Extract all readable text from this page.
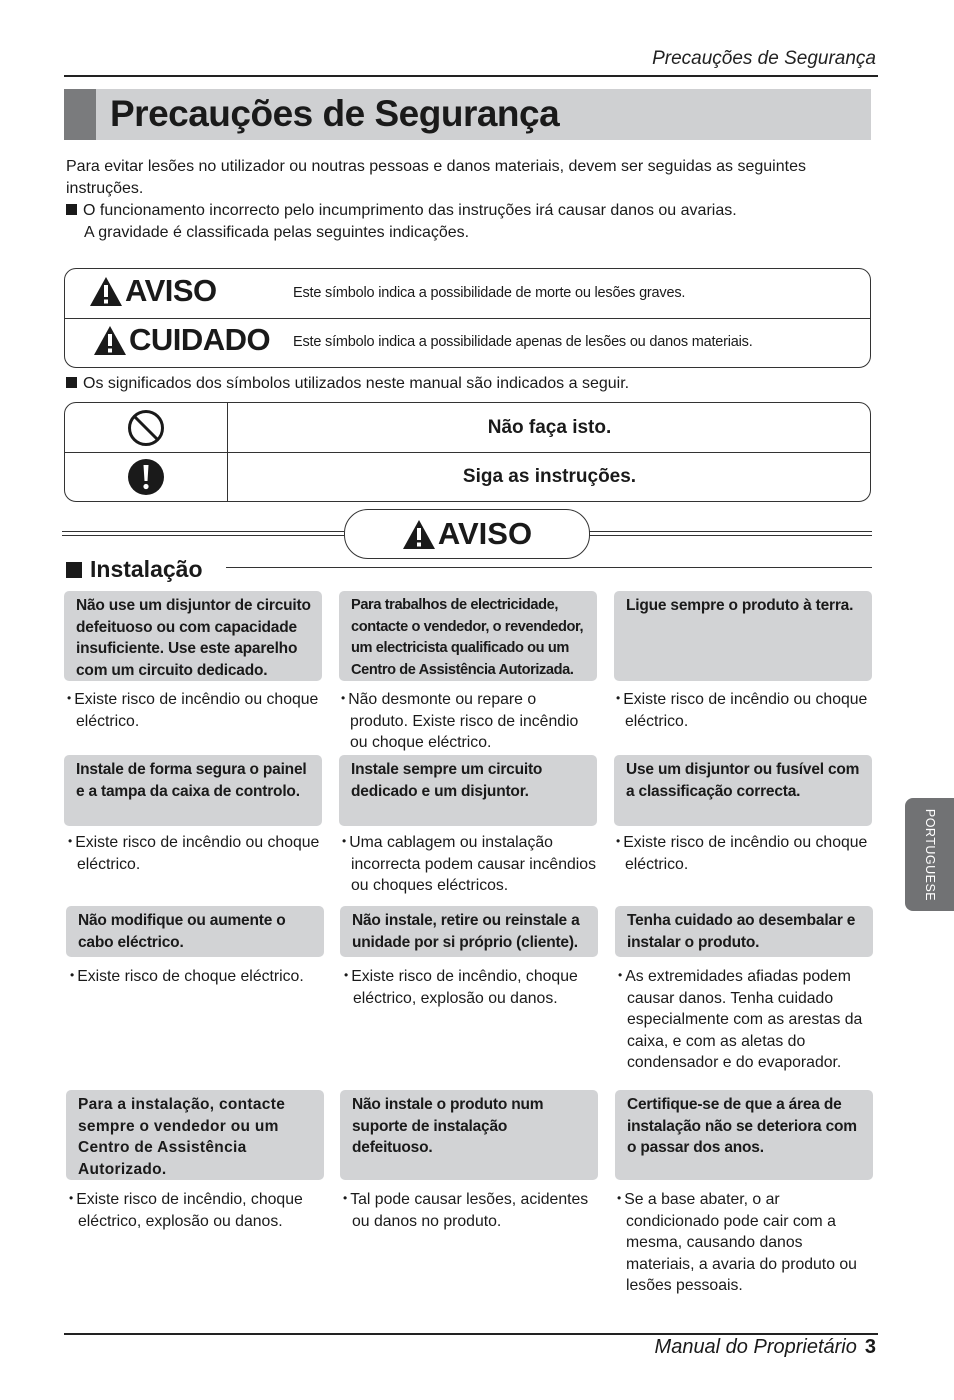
Precauções de Segurança
Precauções de Segurança
Para evitar lesões no utilizador ou noutras pessoas e danos materiais, devem ser seguidas as seguintes instruções.
O funcionamento incorrecto pelo incumprimento das instruções irá causar danos ou avarias.
A gravidade é classificada pelas seguintes indicações.
AVISO	Este símbolo indica a possibilidade de morte ou lesões graves.
CUIDADO Este símbolo indica a possibilidade apenas de lesões ou danos materiais.
Os significados dos símbolos utilizados neste manual são indicados a seguir.
Não faça isto.
Siga as instruções.
AVISO
Instalação
Não use um disjuntor de circuito defeituoso ou com capacidade insuficiente. Use este aparelho com um circuito dedicado.
• Existe risco de incêndio ou choque eléctrico.
Para trabalhos de electricidade, contacte o vendedor, o revendedor, um electricista qualificado ou um Centro de Assistência Autorizada.
• Não desmonte ou repare o produto. Existe risco de incêndio ou choque eléctrico.
Ligue sempre o produto à terra.
• Existe risco de incêndio ou choque eléctrico.
Instale de forma segura o painel e a tampa da caixa de controlo.
• Existe risco de incêndio ou choque eléctrico.
Instale sempre um circuito dedicado e um disjuntor.
• Uma cablagem ou instalação incorrecta podem causar incêndios ou choques eléctricos.
Use um disjuntor ou fusível com a classificação correcta.
• Existe risco de incêndio ou choque eléctrico.
Não modifique ou aumente o cabo eléctrico.
• Existe risco de choque eléctrico.
Não instale, retire ou reinstale a unidade por si próprio (cliente).
• Existe risco de incêndio, choque eléctrico, explosão ou danos.
Tenha cuidado ao desembalar e instalar o produto.
• As extremidades afiadas podem causar danos. Tenha cuidado especialmente com as arestas da caixa, e com as aletas do condensador e do evaporador.
Para a instalação, contacte sempre o vendedor ou um Centro de Assistência Autorizado.
• Existe risco de incêndio, choque eléctrico, explosão ou danos.
Não instale o produto num suporte de instalação defeituoso.
• Tal pode causar lesões, acidentes ou danos no produto.
Certifique-se de que a área de instalação não se deteriora com o passar dos anos.
• Se a base abater, o ar condicionado pode cair com a mesma, causando danos materiais, a avaria do produto ou lesões pessoais.
PORTUGUESE
Manual do Proprietário 3
